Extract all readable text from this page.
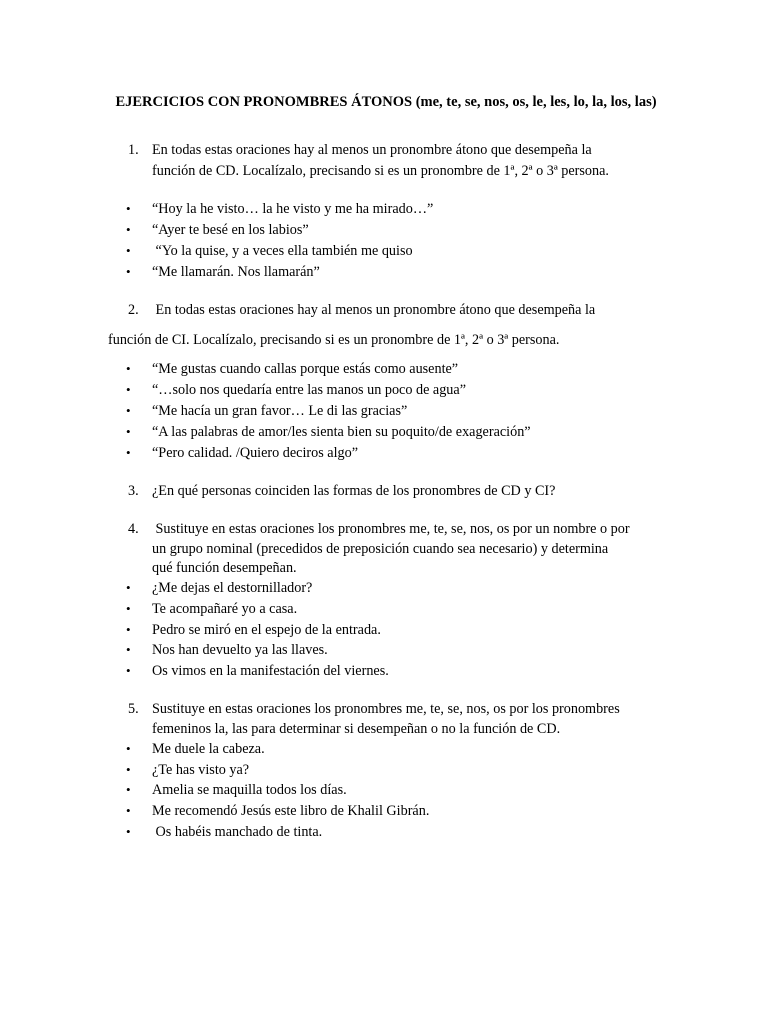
EJERCICIOS CON PRONOMBRES ÁTONOS (me, te, se, nos, os, le, les, lo, la, los, las)
1. En todas estas oraciones hay al menos un pronombre átono que desempeña la
función de CD. Localízalo, precisando si es un pronombre de 1ª, 2ª o 3ª persona.
• “Hoy la he visto… la he visto y me ha mirado…”
• “Ayer te besé en los labios”
• “Yo la quise, y a veces ella también me quiso
• “Me llamarán. Nos llamarán”
2. En todas estas oraciones hay al menos un pronombre átono que desempeña la
función de CI. Localízalo, precisando si es un pronombre de 1ª, 2ª o 3ª persona.
• “Me gustas cuando callas porque estás como ausente”
• “…solo nos quedaría entre las manos un poco de agua”
• “Me hacía un gran favor… Le di las gracias”
• “A las palabras de amor/les sienta bien su poquito/de exageración”
• “Pero calidad. /Quiero deciros algo”
3. ¿En qué personas coinciden las formas de los pronombres de CD y CI?
4. Sustituye en estas oraciones los pronombres me, te, se, nos, os por un nombre o por
un grupo nominal (precedidos de preposición cuando sea necesario) y determina
qué función desempeñan.
• ¿Me dejas el destornillador?
• Te acompañaré yo a casa.
• Pedro se miró en el espejo de la entrada.
• Nos han devuelto ya las llaves.
• Os vimos en la manifestación del viernes.
5. Sustituye en estas oraciones los pronombres me, te, se, nos, os por los pronombres
femeninos la, las para determinar si desempeñan o no la función de CD.
• Me duele la cabeza.
• ¿Te has visto ya?
• Amelia se maquilla todos los días.
• Me recomendó Jesús este libro de Khalil Gibrán.
• Os habéis manchado de tinta.
